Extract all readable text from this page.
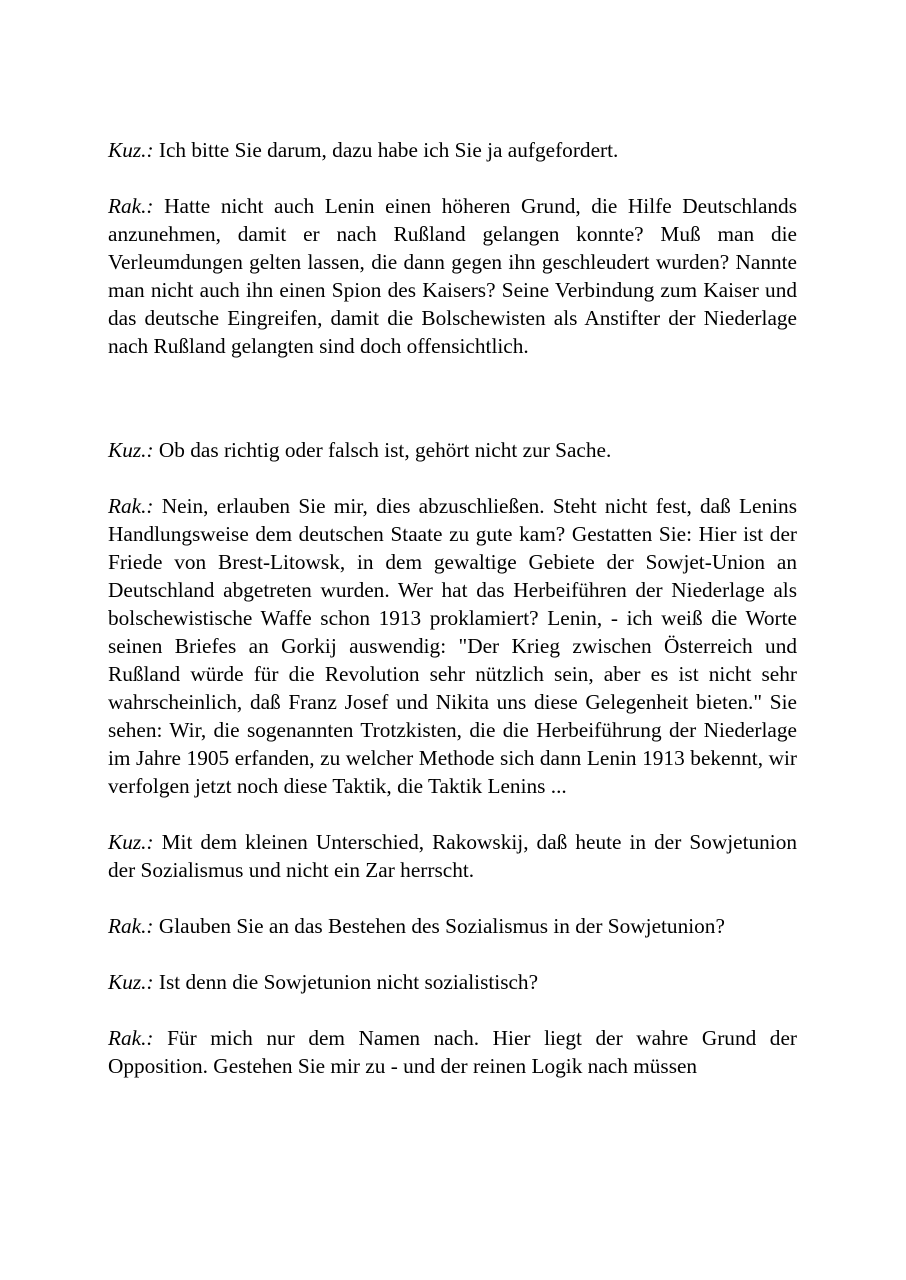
Kuz.: Ich bitte Sie darum, dazu habe ich Sie ja aufgefordert.

Rak.: Hatte nicht auch Lenin einen höheren Grund, die Hilfe Deutschlands anzunehmen, damit er nach Rußland gelangen konnte? Muß man die Verleumdungen gelten lassen, die dann gegen ihn geschleudert wurden? Nannte man nicht auch ihn einen Spion des Kaisers? Seine Verbindung zum Kaiser und das deutsche Eingreifen, damit die Bolschewisten als Anstifter der Niederlage nach Rußland gelangten sind doch offensichtlich.

Kuz.: Ob das richtig oder falsch ist, gehört nicht zur Sache.

Rak.: Nein, erlauben Sie mir, dies abzuschließen. Steht nicht fest, daß Lenins Handlungsweise dem deutschen Staate zu gute kam? Gestatten Sie: Hier ist der Friede von Brest-Litowsk, in dem gewaltige Gebiete der Sowjet-Union an Deutschland abgetreten wurden. Wer hat das Herbeiführen der Niederlage als bolschewistische Waffe schon 1913 proklamiert? Lenin, - ich weiß die Worte seinen Briefes an Gorkij auswendig: "Der Krieg zwischen Österreich und Rußland würde für die Revolution sehr nützlich sein, aber es ist nicht sehr wahrscheinlich, daß Franz Josef und Nikita uns diese Gelegenheit bieten." Sie sehen: Wir, die sogenannten Trotzkisten, die die Herbeiführung der Niederlage im Jahre 1905 erfanden, zu welcher Methode sich dann Lenin 1913 bekennt, wir verfolgen jetzt noch diese Taktik, die Taktik Lenins ...

Kuz.: Mit dem kleinen Unterschied, Rakowskij, daß heute in der Sowjetunion der Sozialismus und nicht ein Zar herrscht.

Rak.: Glauben Sie an das Bestehen des Sozialismus in der Sowjetunion?

Kuz.: Ist denn die Sowjetunion nicht sozialistisch?

Rak.: Für mich nur dem Namen nach. Hier liegt der wahre Grund der Opposition. Gestehen Sie mir zu - und der reinen Logik nach müssen
